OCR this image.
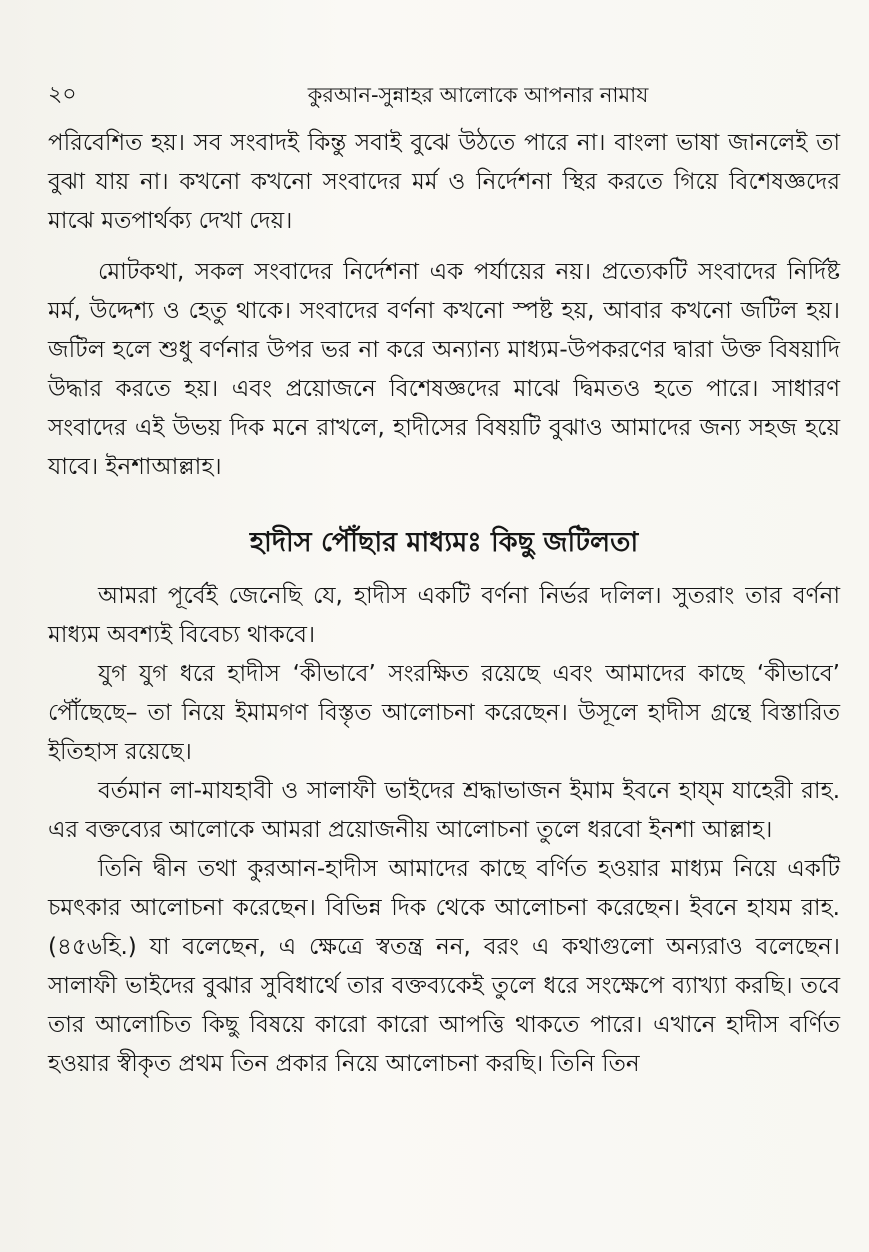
২০	কুরআন-সুন্নাহর আলোকে আপনার নামায

পরিবেশিত হয়। সব সংবাদই কিন্তু সবাই বুঝে উঠতে পারে না। বাংলা ভাষা জানলেই তা বুঝা যায় না। কখনো কখনো সংবাদের মর্ম ও নির্দেশনা স্থির করতে গিয়ে বিশেষজ্ঞদের মাঝে মতপার্থক্য দেখা দেয়।

মোটকথা, সকল সংবাদের নির্দেশনা এক পর্যায়ের নয়। প্রত্যেকটি সংবাদের নির্দিষ্ট মর্ম, উদ্দেশ্য ও হেতু থাকে। সংবাদের বর্ণনা কখনো স্পষ্ট হয়, আবার কখনো জটিল হয়। জটিল হলে শুধু বর্ণনার উপর ভর না করে অন্যান্য মাধ্যম-উপকরণের দ্বারা উক্ত বিষয়াদি উদ্ধার করতে হয়। এবং প্রয়োজনে বিশেষজ্ঞদের মাঝে দ্বিমতও হতে পারে। সাধারণ সংবাদের এই উভয় দিক মনে রাখলে, হাদীসের বিষয়টি বুঝাও আমাদের জন্য সহজ হয়ে যাবে। ইনশাআল্লাহ।

হাদীস পৌঁছার মাধ্যমঃ কিছু জটিলতা

আমরা পূর্বেই জেনেছি যে, হাদীস একটি বর্ণনা নির্ভর দলিল। সুতরাং তার বর্ণনা মাধ্যম অবশ্যই বিবেচ্য থাকবে।

যুগ যুগ ধরে হাদীস ‘কীভাবে’ সংরক্ষিত রয়েছে এবং আমাদের কাছে ‘কীভাবে’ পৌঁছেছে– তা নিয়ে ইমামগণ বিস্তৃত আলোচনা করেছেন। উসূলে হাদীস গ্রন্থে বিস্তারিত ইতিহাস রয়েছে।

বর্তমান লা-মাযহাবী ও সালাফী ভাইদের শ্রদ্ধাভাজন ইমাম ইবনে হায্ম যাহেরী রাহ. এর বক্তব্যের আলোকে আমরা প্রয়োজনীয় আলোচনা তুলে ধরবো ইনশা আল্লাহ।

তিনি দ্বীন তথা কুরআন-হাদীস আমাদের কাছে বর্ণিত হওয়ার মাধ্যম নিয়ে একটি চমৎকার আলোচনা করেছেন। বিভিন্ন দিক থেকে আলোচনা করেছেন। ইবনে হাযম রাহ. (৪৫৬হি.) যা বলেছেন, এ ক্ষেত্রে স্বতন্ত্র নন, বরং এ কথাগুলো অন্যরাও বলেছেন। সালাফী ভাইদের বুঝার সুবিধার্থে তার বক্তব্যকেই তুলে ধরে সংক্ষেপে ব্যাখ্যা করছি। তবে তার আলোচিত কিছু বিষয়ে কারো কারো আপত্তি থাকতে পারে। এখানে হাদীস বর্ণিত হওয়ার স্বীকৃত প্রথম তিন প্রকার নিয়ে আলোচনা করছি। তিনি তিন
